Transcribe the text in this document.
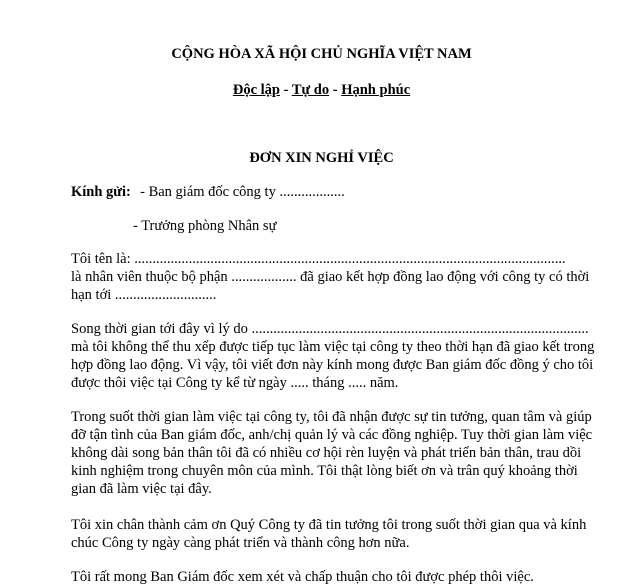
CỘNG HÒA XÃ HỘI CHỦ NGHĨA VIỆT NAM
Độc lập - Tự do - Hạnh phúc
ĐƠN XIN NGHỈ VIỆC
Kính gửi: - Ban giám đốc công ty ..................
- Trưởng phòng Nhân sự
Tôi tên là: .......................................................................................................................
là nhân viên thuộc bộ phận .................. đã giao kết hợp đồng lao động với công ty có thời
hạn tới ............................
Song thời gian tới đây vì lý do .............................................................................................
mà tôi không thể thu xếp được tiếp tục làm việc tại công ty theo thời hạn đã giao kết trong
hợp đồng lao động. Vì vậy, tôi viết đơn này kính mong được Ban giám đốc đồng ý cho tôi
được thôi việc tại Công ty kể từ ngày ..... tháng ..... năm.
Trong suốt thời gian làm việc tại công ty, tôi đã nhận được sự tin tưởng, quan tâm và giúp
đỡ tận tình của Ban giám đốc, anh/chị quản lý và các đồng nghiệp. Tuy thời gian làm việc
không dài song bản thân tôi đã có nhiều cơ hội rèn luyện và phát triển bản thân, trau dồi
kinh nghiệm trong chuyên môn của mình. Tôi thật lòng biết ơn và trân quý khoảng thời
gian đã làm việc tại đây.
Tôi xin chân thành cảm ơn Quý Công ty đã tin tưởng tôi trong suốt thời gian qua và kính
chúc Công ty ngày càng phát triển và thành công hơn nữa.
Tôi rất mong Ban Giám đốc xem xét và chấp thuận cho tôi được phép thôi việc.
